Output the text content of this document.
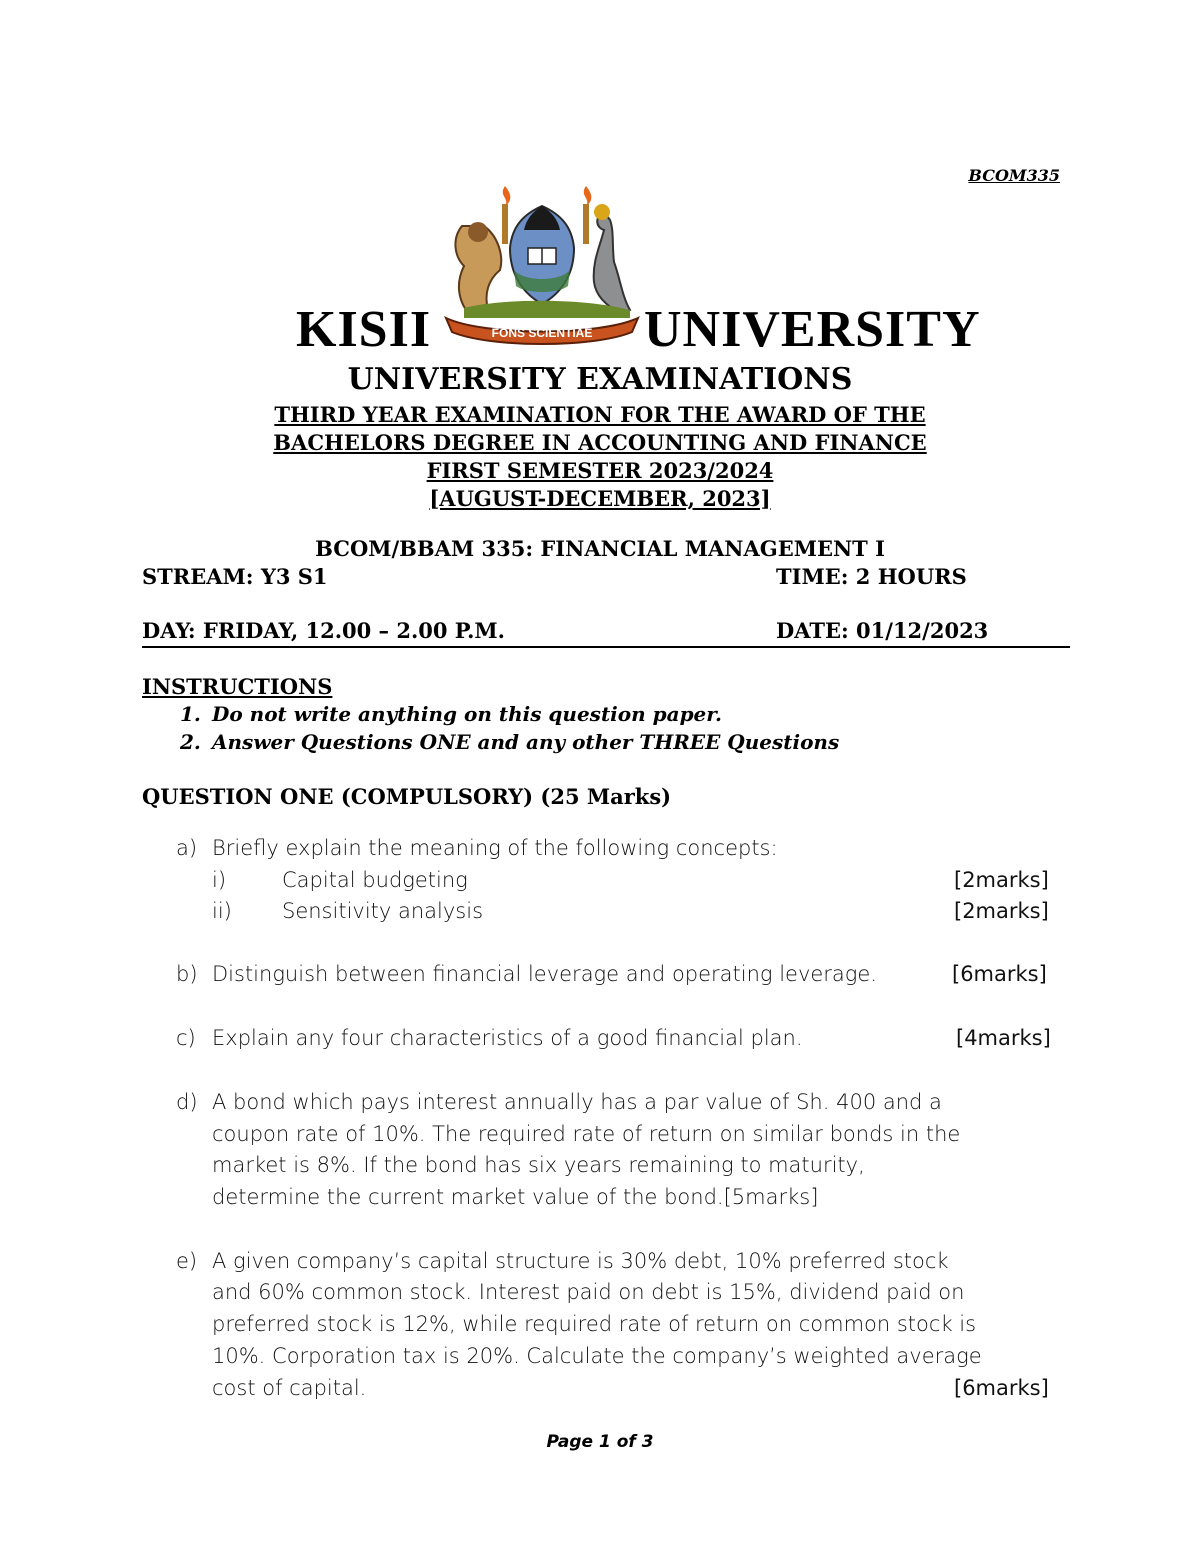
BCOM335
FONS SCIENTIAE
KISII	UNIVERSITY
UNIVERSITY EXAMINATIONS
THIRD YEAR EXAMINATION FOR THE AWARD OF THE
BACHELORS DEGREE IN ACCOUNTING AND FINANCE
FIRST SEMESTER 2023/2024
[AUGUST-DECEMBER, 2023]
BCOM/BBAM 335: FINANCIAL MANAGEMENT I
STREAM: Y3 S1	TIME: 2 HOURS
DAY: FRIDAY, 12.00 – 2.00 P.M.	DATE: 01/12/2023
INSTRUCTIONS
1. Do not write anything on this question paper.
2. Answer Questions ONE and any other THREE Questions
QUESTION ONE (COMPULSORY) (25 Marks)
a) Briefly explain the meaning of the following concepts:
i)	Capital budgeting	[2marks]
ii) Sensitivity analysis	[2marks]
b) Distinguish between financial leverage and operating leverage.	[6marks]
c) Explain any four characteristics of a good financial plan.	[4marks]
d) A bond which pays interest annually has a par value of Sh. 400 and a
coupon rate of 10%. The required rate of return on similar bonds in the
market is 8%. If the bond has six years remaining to maturity,
determine the current market value of the bond.[5marks]
e) A given company’s capital structure is 30% debt, 10% preferred stock
and 60% common stock. Interest paid on debt is 15%, dividend paid on
preferred stock is 12%, while required rate of return on common stock is
10%. Corporation tax is 20%. Calculate the company’s weighted average
cost of capital.	[6marks]
Page 1 of 3
